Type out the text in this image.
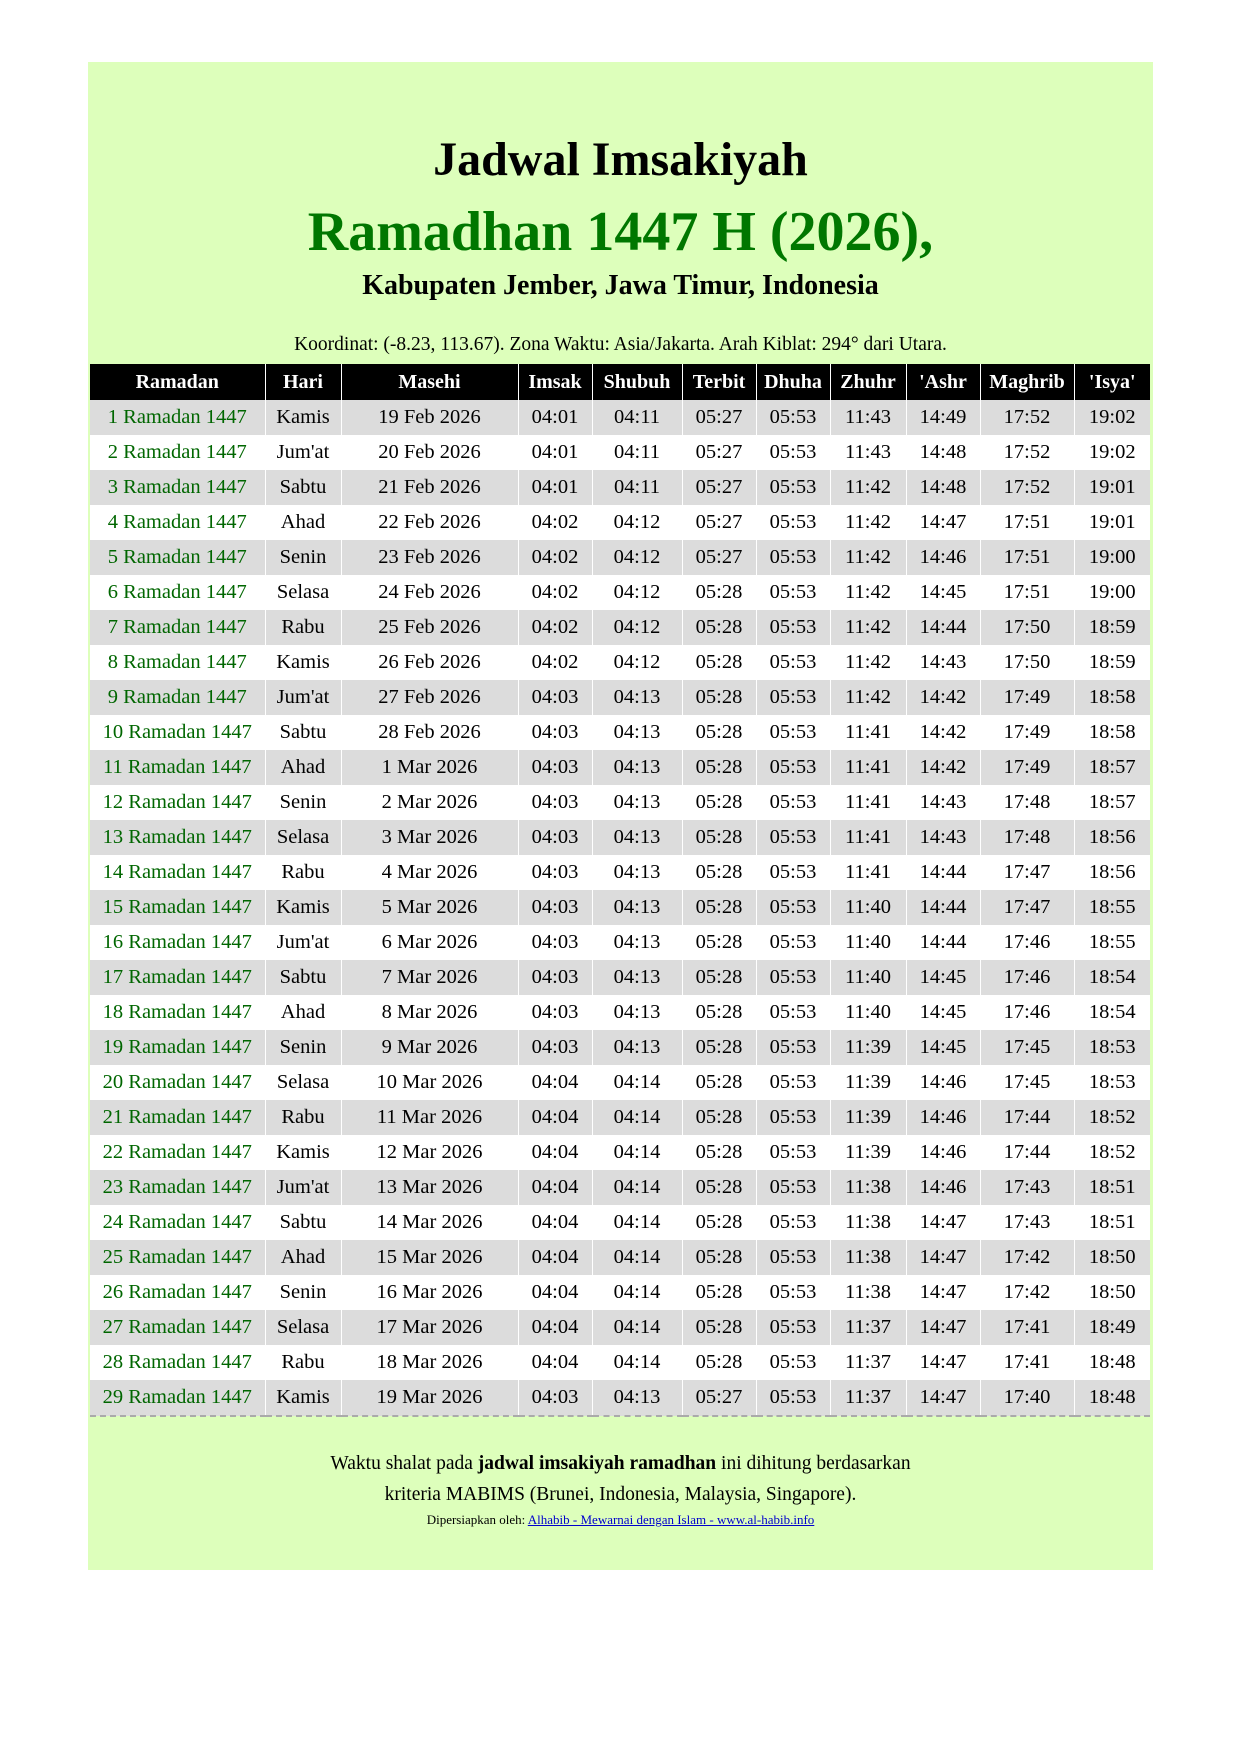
Jadwal Imsakiyah
Ramadhan 1447 H (2026),
Kabupaten Jember, Jawa Timur, Indonesia
Koordinat: (-8.23, 113.67). Zona Waktu: Asia/Jakarta. Arah Kiblat: 294° dari Utara.
Ramadan	Hari	Masehi	Imsak	Shubuh	Terbit	Dhuha	Zhuhr	'Ashr	Maghrib	'Isya'
1 Ramadan 1447	Kamis	19 Feb 2026	04:01	04:11	05:27	05:53	11:43	14:49	17:52	19:02
2 Ramadan 1447	Jum'at	20 Feb 2026	04:01	04:11	05:27	05:53	11:43	14:48	17:52	19:02
3 Ramadan 1447	Sabtu	21 Feb 2026	04:01	04:11	05:27	05:53	11:42	14:48	17:52	19:01
4 Ramadan 1447	Ahad	22 Feb 2026	04:02	04:12	05:27	05:53	11:42	14:47	17:51	19:01
5 Ramadan 1447	Senin	23 Feb 2026	04:02	04:12	05:27	05:53	11:42	14:46	17:51	19:00
6 Ramadan 1447	Selasa	24 Feb 2026	04:02	04:12	05:28	05:53	11:42	14:45	17:51	19:00
7 Ramadan 1447	Rabu	25 Feb 2026	04:02	04:12	05:28	05:53	11:42	14:44	17:50	18:59
8 Ramadan 1447	Kamis	26 Feb 2026	04:02	04:12	05:28	05:53	11:42	14:43	17:50	18:59
9 Ramadan 1447	Jum'at	27 Feb 2026	04:03	04:13	05:28	05:53	11:42	14:42	17:49	18:58
10 Ramadan 1447	Sabtu	28 Feb 2026	04:03	04:13	05:28	05:53	11:41	14:42	17:49	18:58
11 Ramadan 1447	Ahad	1 Mar 2026	04:03	04:13	05:28	05:53	11:41	14:42	17:49	18:57
12 Ramadan 1447	Senin	2 Mar 2026	04:03	04:13	05:28	05:53	11:41	14:43	17:48	18:57
13 Ramadan 1447	Selasa	3 Mar 2026	04:03	04:13	05:28	05:53	11:41	14:43	17:48	18:56
14 Ramadan 1447	Rabu	4 Mar 2026	04:03	04:13	05:28	05:53	11:41	14:44	17:47	18:56
15 Ramadan 1447	Kamis	5 Mar 2026	04:03	04:13	05:28	05:53	11:40	14:44	17:47	18:55
16 Ramadan 1447	Jum'at	6 Mar 2026	04:03	04:13	05:28	05:53	11:40	14:44	17:46	18:55
17 Ramadan 1447	Sabtu	7 Mar 2026	04:03	04:13	05:28	05:53	11:40	14:45	17:46	18:54
18 Ramadan 1447	Ahad	8 Mar 2026	04:03	04:13	05:28	05:53	11:40	14:45	17:46	18:54
19 Ramadan 1447	Senin	9 Mar 2026	04:03	04:13	05:28	05:53	11:39	14:45	17:45	18:53
20 Ramadan 1447	Selasa	10 Mar 2026	04:04	04:14	05:28	05:53	11:39	14:46	17:45	18:53
21 Ramadan 1447	Rabu	11 Mar 2026	04:04	04:14	05:28	05:53	11:39	14:46	17:44	18:52
22 Ramadan 1447	Kamis	12 Mar 2026	04:04	04:14	05:28	05:53	11:39	14:46	17:44	18:52
23 Ramadan 1447	Jum'at	13 Mar 2026	04:04	04:14	05:28	05:53	11:38	14:46	17:43	18:51
24 Ramadan 1447	Sabtu	14 Mar 2026	04:04	04:14	05:28	05:53	11:38	14:47	17:43	18:51
25 Ramadan 1447	Ahad	15 Mar 2026	04:04	04:14	05:28	05:53	11:38	14:47	17:42	18:50
26 Ramadan 1447	Senin	16 Mar 2026	04:04	04:14	05:28	05:53	11:38	14:47	17:42	18:50
27 Ramadan 1447	Selasa	17 Mar 2026	04:04	04:14	05:28	05:53	11:37	14:47	17:41	18:49
28 Ramadan 1447	Rabu	18 Mar 2026	04:04	04:14	05:28	05:53	11:37	14:47	17:41	18:48
29 Ramadan 1447	Kamis	19 Mar 2026	04:03	04:13	05:27	05:53	11:37	14:47	17:40	18:48
Waktu shalat pada jadwal imsakiyah ramadhan ini dihitung berdasarkan
kriteria MABIMS (Brunei, Indonesia, Malaysia, Singapore).
Dipersiapkan oleh: Alhabib - Mewarnai dengan Islam - www.al-habib.info
